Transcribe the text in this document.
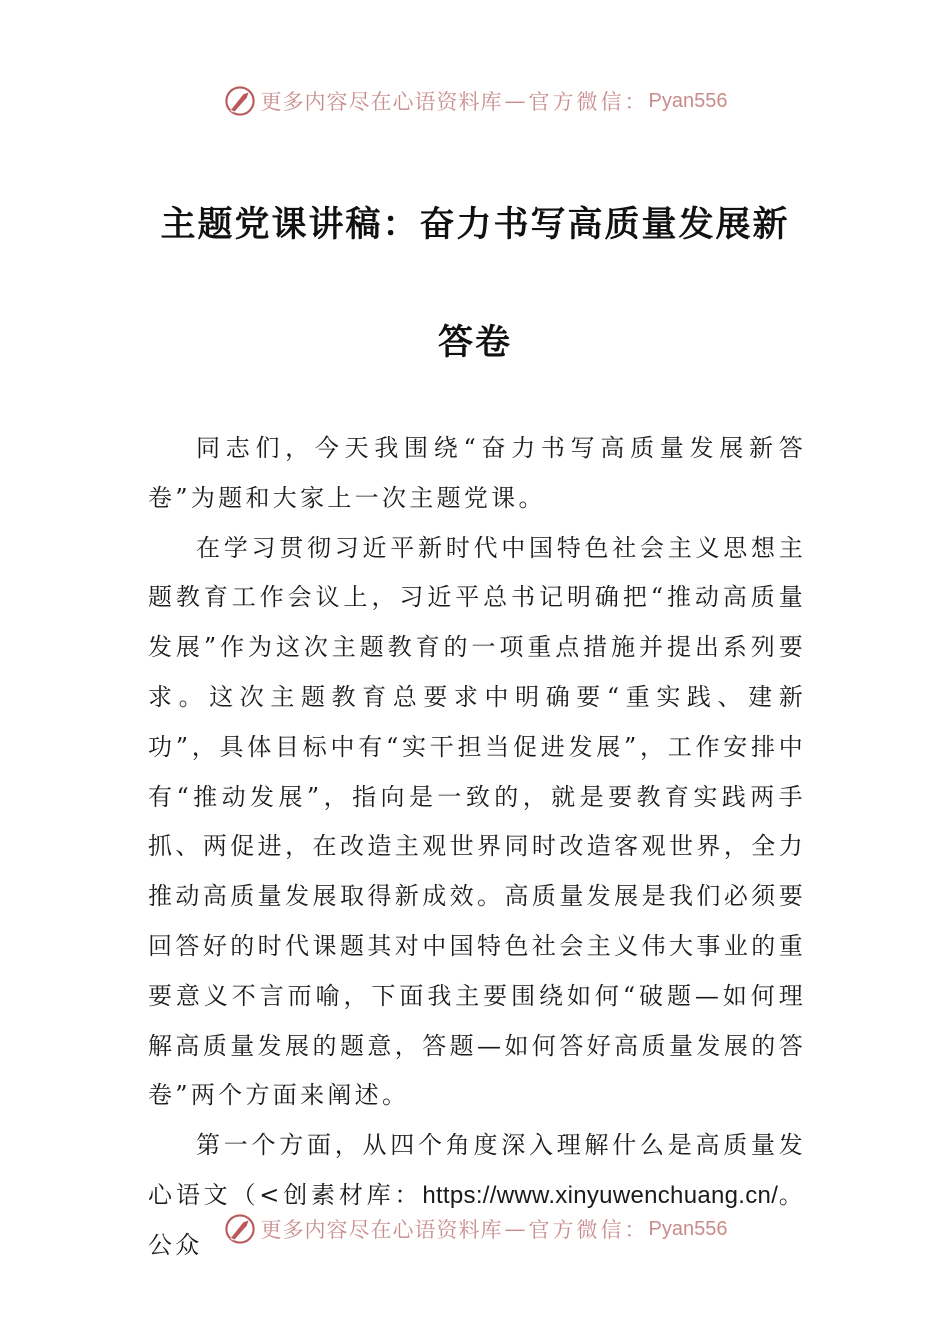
更多内容尽在心语资料库 — 官方微信： Pyan556
主题党课讲稿：奋力书写高质量发展新答卷

同志们，今天我围绕“奋力书写高质量发展新答卷”为题和大家上一次主题党课。

在学习贯彻习近平新时代中国特色社会主义思想主题教育工作会议上，习近平总书记明确把“推动高质量发展”作为这次主题教育的一项重点措施并提出系列要求。这次主题教育总要求中明确要“重实践、建新功”，具体目标中有“实干担当促进发展”，工作安排中有“推动发展”，指向是一致的，就是要教育实践两手抓、两促进，在改造主观世界同时改造客观世界，全力推动高质量发展取得新成效。高质量发展是我们必须要回答好的时代课题其对中国特色社会主义伟大事业的重要意义不言而喻，下面我主要围绕如何“破题—如何理解高质量发展的题意，答题—如何答好高质量发展的答卷”两个方面来阐述。

第一个方面，从四个角度深入理解什么是高质量发心语文（<创素材库：https://www.xinyuwenchuang.cn/。公众

更多内容尽在心语资料库 — 官方微信： Pyan556
